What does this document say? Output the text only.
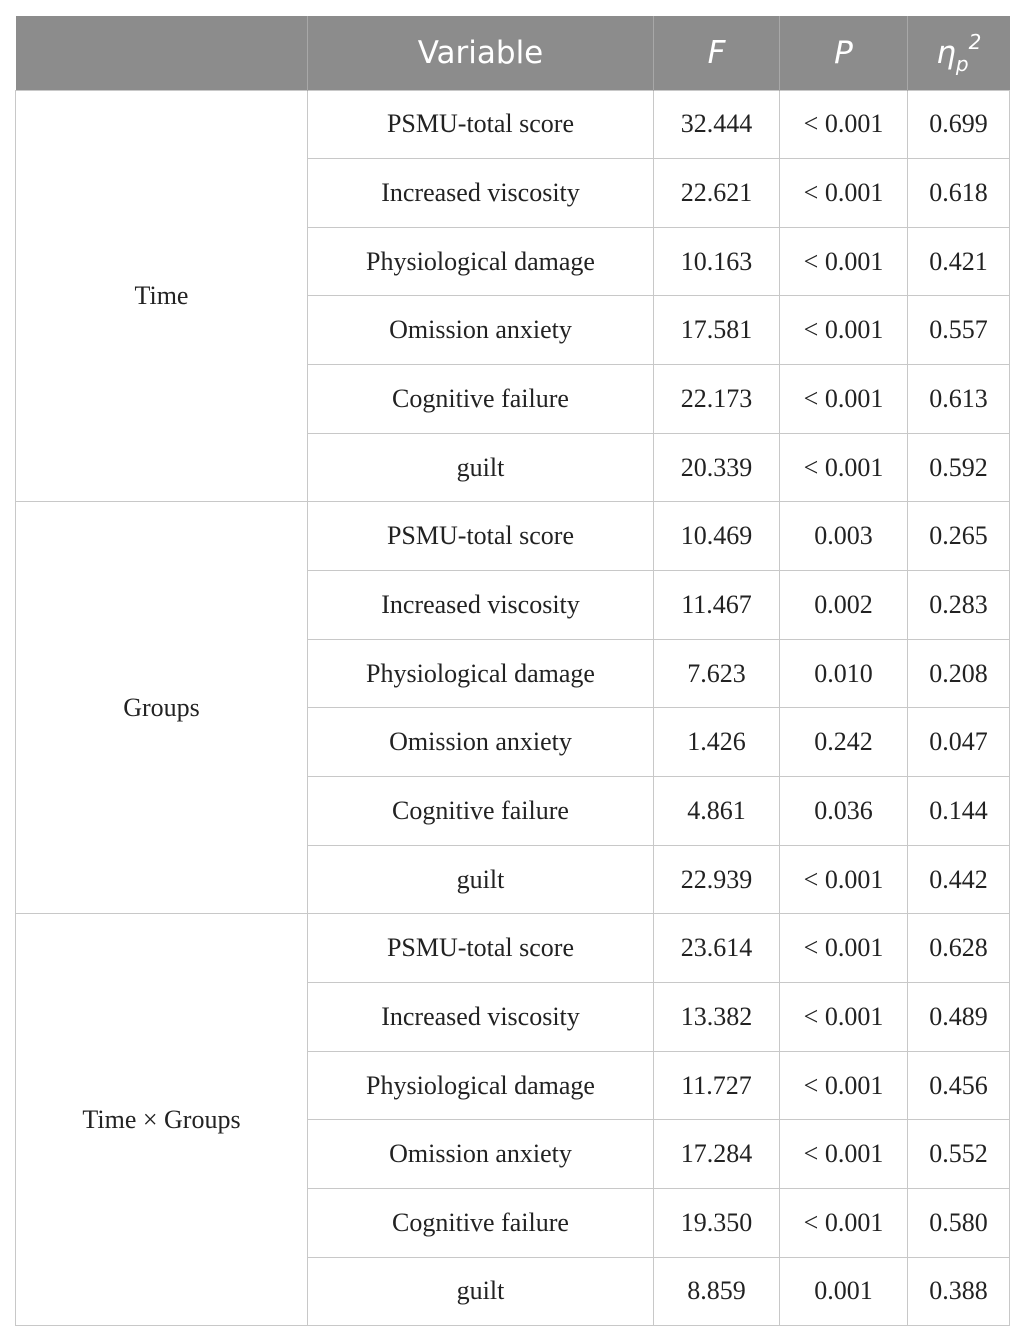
	Variable	F	P	$\eta_p^2$
Time	PSMU-total score	32.444	< 0.001	0.699
	Increased viscosity	22.621	< 0.001	0.618
	Physiological damage	10.163	< 0.001	0.421
	Omission anxiety	17.581	< 0.001	0.557
	Cognitive failure	22.173	< 0.001	0.613
	guilt	20.339	< 0.001	0.592
Groups	PSMU-total score	10.469	0.003	0.265
	Increased viscosity	11.467	0.002	0.283
	Physiological damage	7.623	0.010	0.208
	Omission anxiety	1.426	0.242	0.047
	Cognitive failure	4.861	0.036	0.144
	guilt	22.939	< 0.001	0.442
Time × Groups	PSMU-total score	23.614	< 0.001	0.628
	Increased viscosity	13.382	< 0.001	0.489
	Physiological damage	11.727	< 0.001	0.456
	Omission anxiety	17.284	< 0.001	0.552
	Cognitive failure	19.350	< 0.001	0.580
	guilt	8.859	0.001	0.388
